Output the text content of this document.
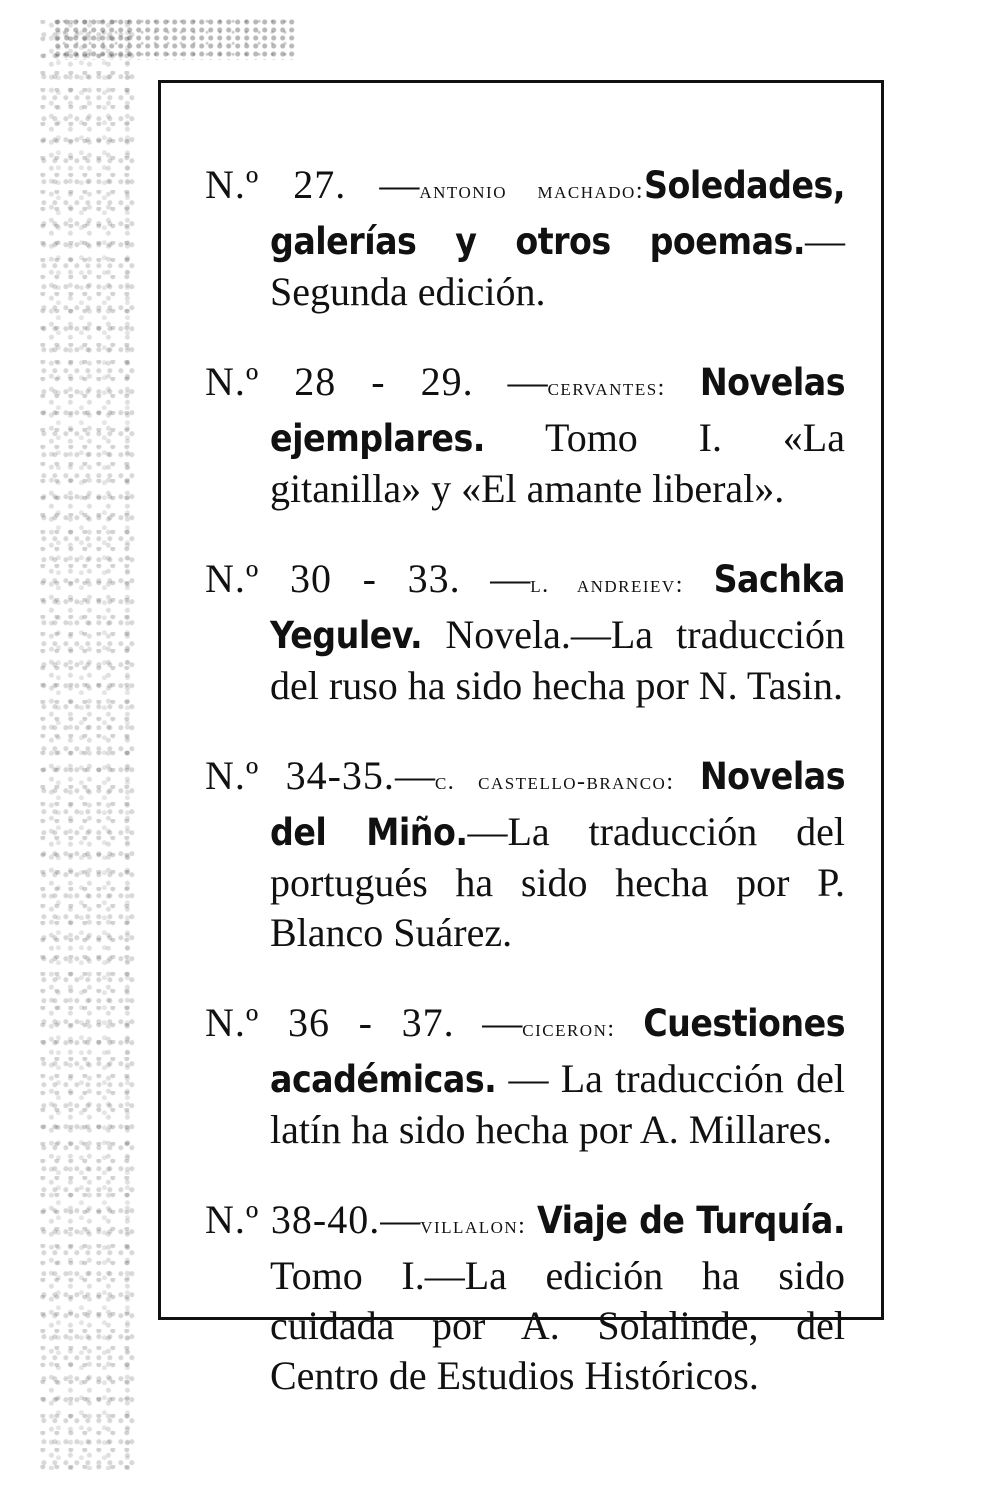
N.º 27. —antonio machado:Soledades, galerías y otros poemas.—Segunda edición.

N.º 28 - 29. —cervantes: Novelas ejemplares. Tomo I. «La gitanilla» y «El amante liberal».

N.º 30 - 33. —l. andreiev: Sachka Yegulev. Novela.—La traducción del ruso ha sido hecha por N. Tasin.

N.º 34-35.—c. castello-branco: Novelas del Miño.—La traducción del portugués ha sido hecha por P. Blanco Suárez.

N.º 36 - 37. —ciceron: Cuestiones académicas. — La traducción del latín ha sido hecha por A. Millares.

N.º 38-40.—villalon: Viaje de Turquía. Tomo I.—La edición ha sido cuidada por A. Solalinde, del Centro de Estudios Históricos.
